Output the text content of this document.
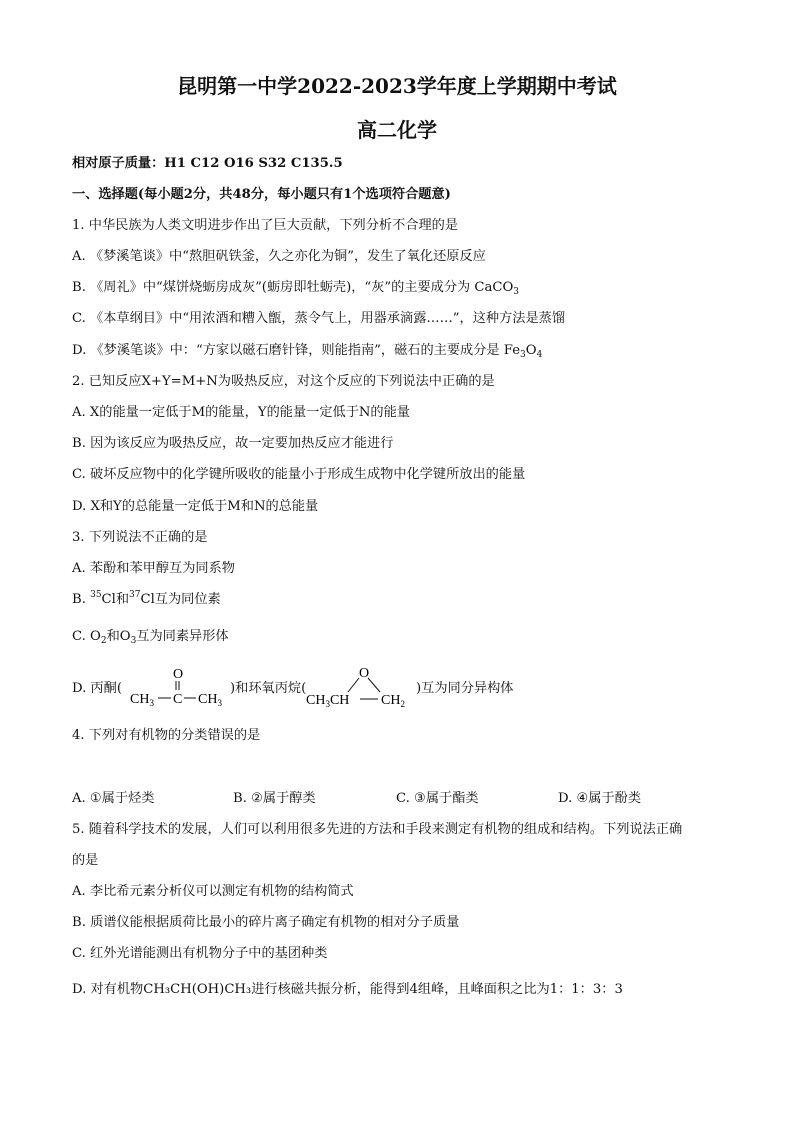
昆明第一中学2022-2023学年度上学期期中考试
高二化学
相对原子质量：H1 C12 O16 S32 C135.5
一、选择题(每小题2分，共48分，每小题只有1个选项符合题意)
1. 中华民族为人类文明进步作出了巨大贡献，下列分析不合理的是
A. 《梦溪笔谈》中“熬胆矾铁釜，久之亦化为铜”，发生了氧化还原反应
B. 《周礼》中“煤饼烧蛎房成灰”(蛎房即牡蛎壳)，“灰”的主要成分为 CaCO$_3$
C. 《本草纲目》中“用浓酒和糟入甑，蒸令气上，用器承滴露……”，这种方法是蒸馏
D. 《梦溪笔谈》中：“方家以磁石磨针锋，则能指南”，磁石的主要成分是 $Fe_3O_4$
2. 已知反应X+Y=M+N为吸热反应，对这个反应的下列说法中正确的是
A. X的能量一定低于M的能量，Y的能量一定低于N的能量
B. 因为该反应为吸热反应，故一定要加热反应才能进行
C. 破坏反应物中的化学键所吸收的能量小于形成生成物中化学键所放出的能量
D. X和Y的总能量一定低于M和N的总能量
3. 下列说法不正确的是
A. 苯酚和苯甲醇互为同系物
B. $^{35}$Cl和$^{37}$Cl互为同位素
C. $O_2$和$O_3$互为同素异形体
D. 丙酮(
O
$CH_3$ C $CH_3$
)和环氧丙烷(
O
$CH_3CH$ $CH_2$
)互为同分异构体
4. 下列对有机物的分类错误的是
A. ①属于烃类	B. ②属于醇类	C. ③属于酯类	D. ④属于酚类
5. 随着科学技术的发展，人们可以利用很多先进的方法和手段来测定有机物的组成和结构。下列说法正确
的是
A. 李比希元素分析仪可以测定有机物的结构简式
B. 质谱仪能根据质荷比最小的碎片离子确定有机物的相对分子质量
C. 红外光谱能测出有机物分子中的基团种类
D. 对有机物CH₃CH(OH)CH₃进行核磁共振分析，能得到4组峰，且峰面积之比为1：1：3：3
